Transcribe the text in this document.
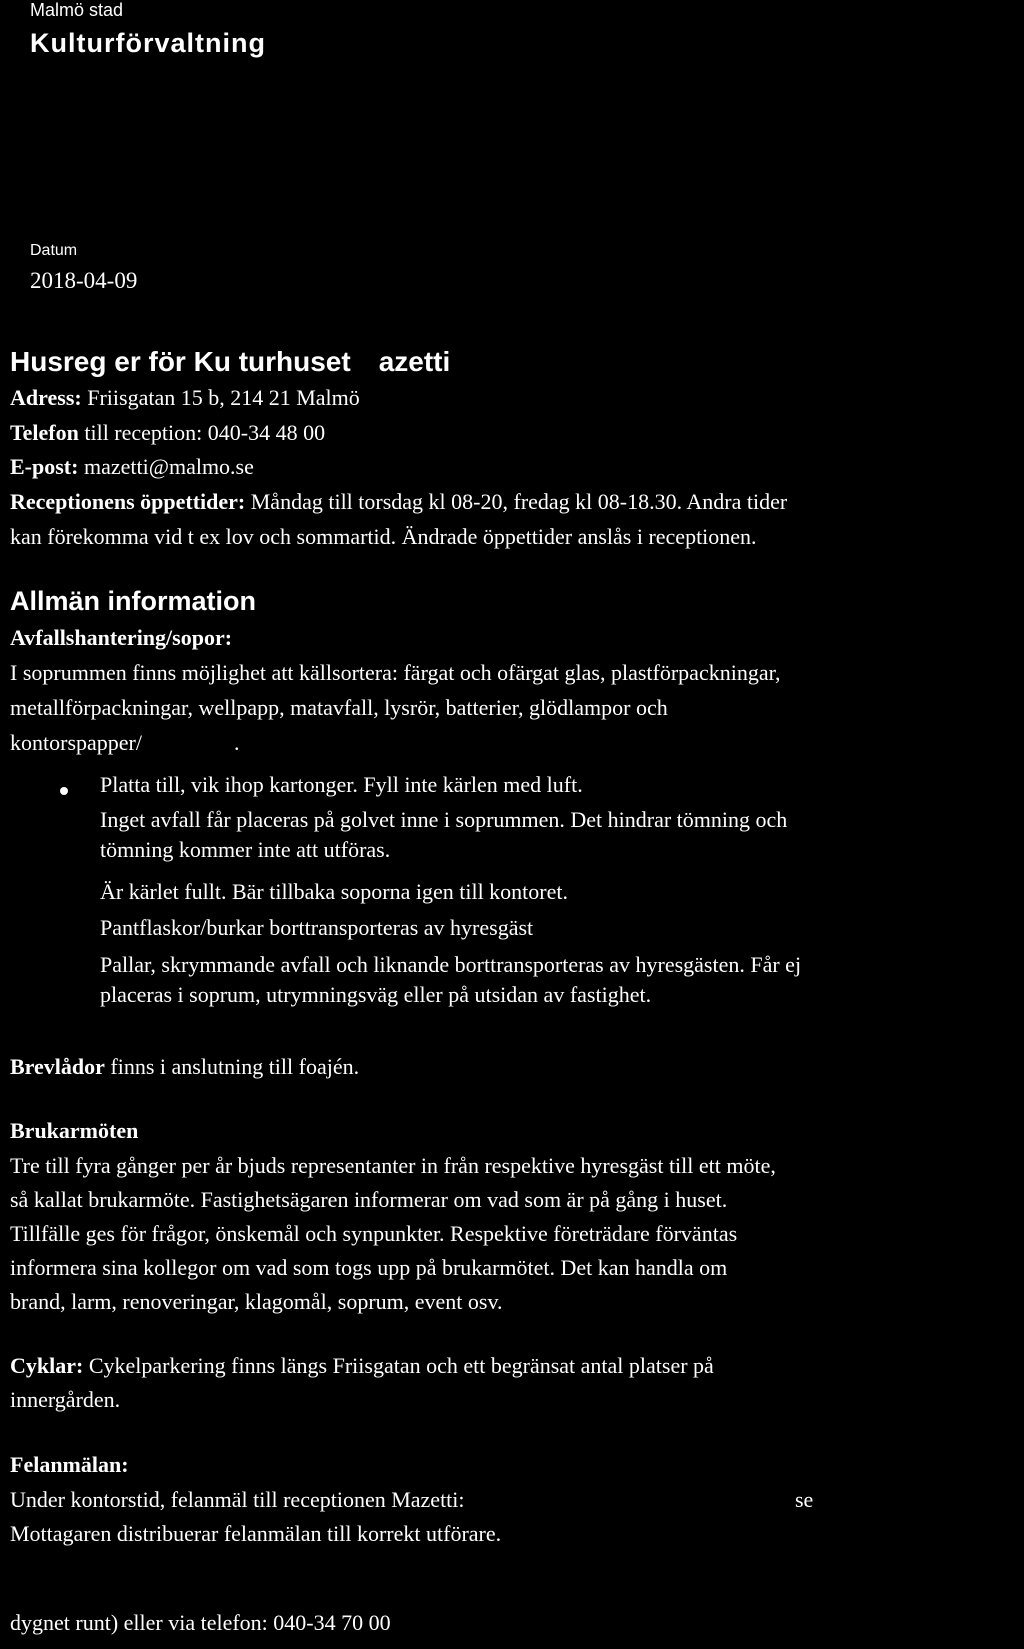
Malmö stad
Kulturförvaltning
Datum
2018-04-09
Husreg er för Ku turhuset azetti
Adress: Friisgatan 15 b, 214 21 Malmö
Telefon till reception: 040-34 48 00
E-post: mazetti@malmo.se
Receptionens öppettider: Måndag till torsdag kl 08-20, fredag kl 08-18.30. Andra tider
kan förekomma vid t ex lov och sommartid. Ändrade öppettider anslås i receptionen.
Allmän information
Avfallshantering/sopor:
I soprummen finns möjlighet att källsortera: färgat och ofärgat glas, plastförpackningar,
metallförpackningar, wellpapp, matavfall, lysrör, batterier, glödlampor och
kontorspapper/	.
Platta till, vik ihop kartonger. Fyll inte kärlen med luft.
Inget avfall får placeras på golvet inne i soprummen. Det hindrar tömning och
tömning kommer inte att utföras.
Är kärlet fullt. Bär tillbaka soporna igen till kontoret.
Pantflaskor/burkar borttransporteras av hyresgäst
Pallar, skrymmande avfall och liknande borttransporteras av hyresgästen. Får ej
placeras i soprum, utrymningsväg eller på utsidan av fastighet.
Brevlådor finns i anslutning till foajén.
Brukarmöten
Tre till fyra gånger per år bjuds representanter in från respektive hyresgäst till ett möte,
så kallat brukarmöte. Fastighetsägaren informerar om vad som är på gång i huset.
Tillfälle ges för frågor, önskemål och synpunkter. Respektive företrädare förväntas
informera sina kollegor om vad som togs upp på brukarmötet. Det kan handla om
brand, larm, renoveringar, klagomål, soprum, event osv.
Cyklar: Cykelparkering finns längs Friisgatan och ett begränsat antal platser på
innergården.
Felanmälan:
Under kontorstid, felanmäl till receptionen Mazetti:	se
Mottagaren distribuerar felanmälan till korrekt utförare.
dygnet runt) eller via telefon: 040-34 70 00
